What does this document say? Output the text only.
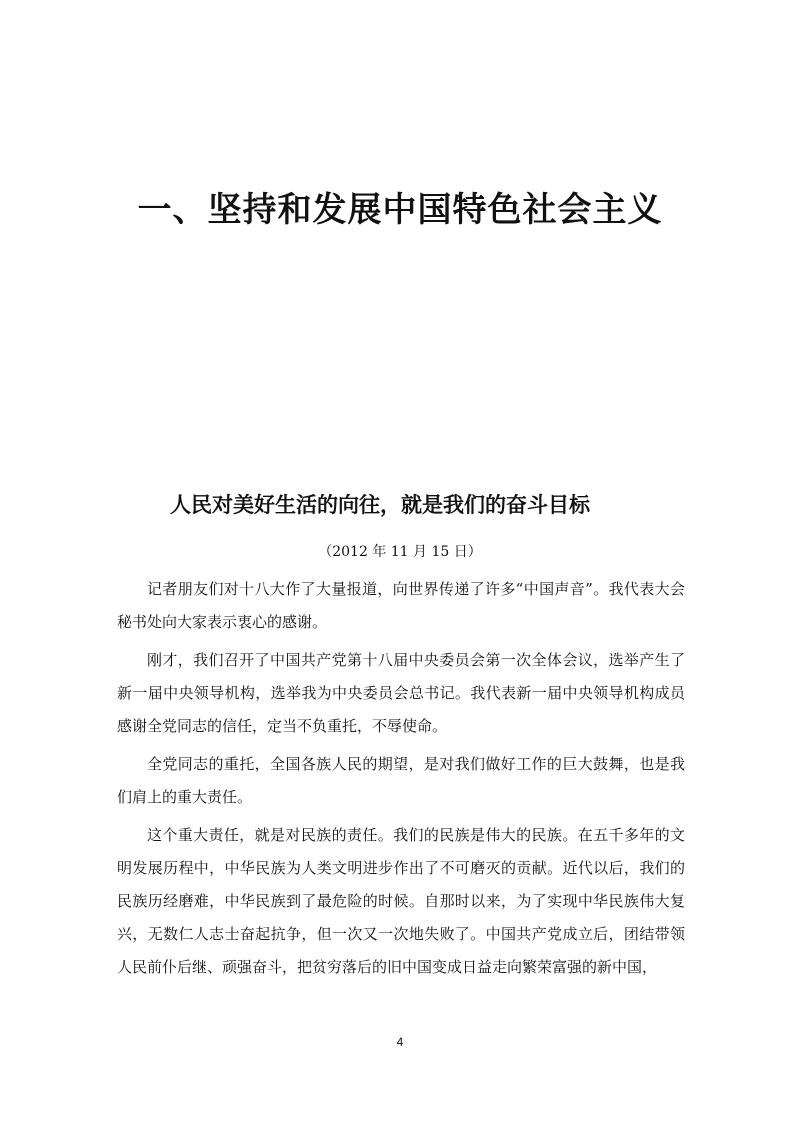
一、坚持和发展中国特色社会主义
人民对美好生活的向往，就是我们的奋斗目标
（2012 年 11 月 15 日）

记者朋友们对十八大作了大量报道，向世界传递了许多“中国声音”。我代表大会秘书处向大家表示衷心的感谢。

刚才，我们召开了中国共产党第十八届中央委员会第一次全体会议，选举产生了新一届中央领导机构，选举我为中央委员会总书记。我代表新一届中央领导机构成员感谢全党同志的信任，定当不负重托，不辱使命。

全党同志的重托，全国各族人民的期望，是对我们做好工作的巨大鼓舞，也是我们肩上的重大责任。

这个重大责任，就是对民族的责任。我们的民族是伟大的民族。在五千多年的文明发展历程中，中华民族为人类文明进步作出了不可磨灭的贡献。近代以后，我们的民族历经磨难，中华民族到了最危险的时候。自那时以来，为了实现中华民族伟大复兴，无数仁人志士奋起抗争，但一次又一次地失败了。中国共产党成立后，团结带领人民前仆后继、顽强奋斗，把贫穷落后的旧中国变成日益走向繁荣富强的新中国，

4
